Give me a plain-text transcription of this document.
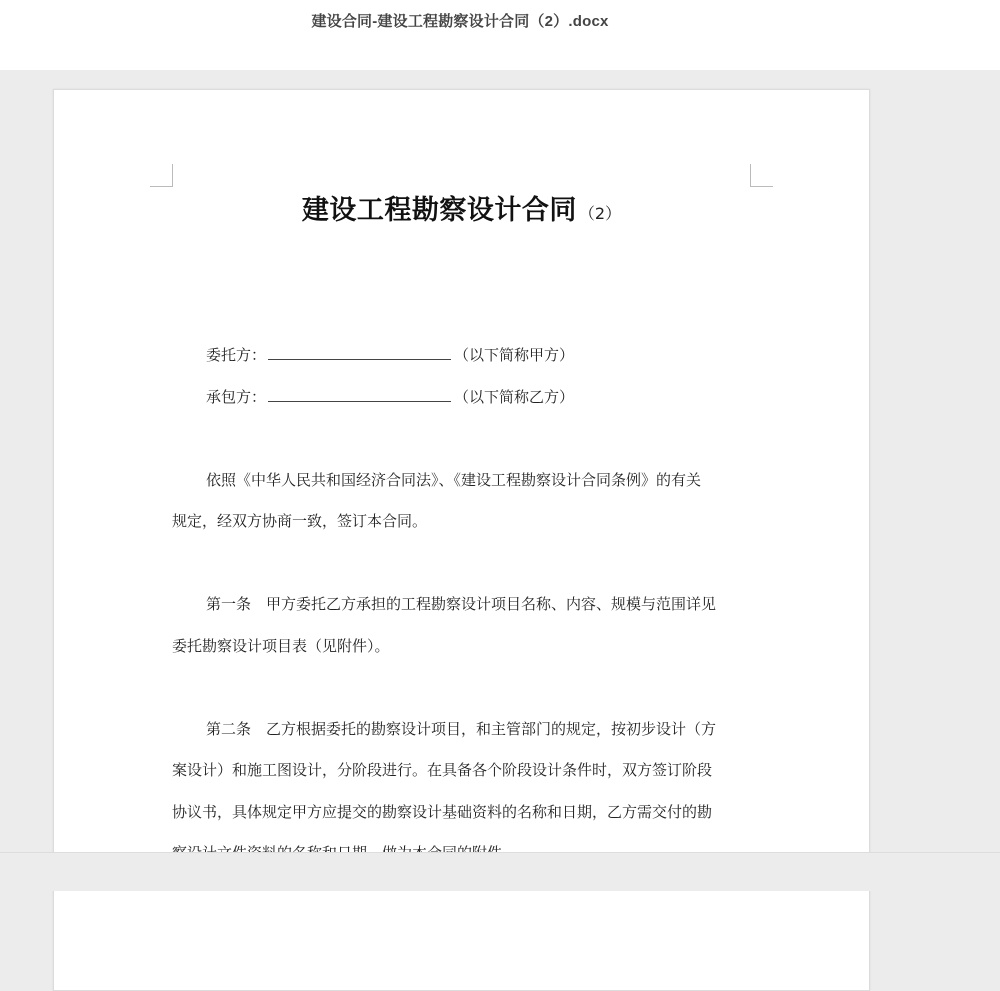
建设合同-建设工程勘察设计合同（2）.docx
建设工程勘察设计合同 （2）
委托方：	（以下简称甲方）
承包方：	（以下简称乙方）
依照《中华人民共和国经济合同法》、《建设工程勘察设计合同条例》的有关
规定，经双方协商一致，签订本合同。
第一条 甲方委托乙方承担的工程勘察设计项目名称、内容、规模与范围详见
委托勘察设计项目表（见附件）。
第二条 乙方根据委托的勘察设计项目，和主管部门的规定，按初步设计（方
案设计）和施工图设计，分阶段进行。在具备各个阶段设计条件时，双方签订阶段
协议书，具体规定甲方应提交的勘察设计基础资料的名称和日期，乙方需交付的勘
